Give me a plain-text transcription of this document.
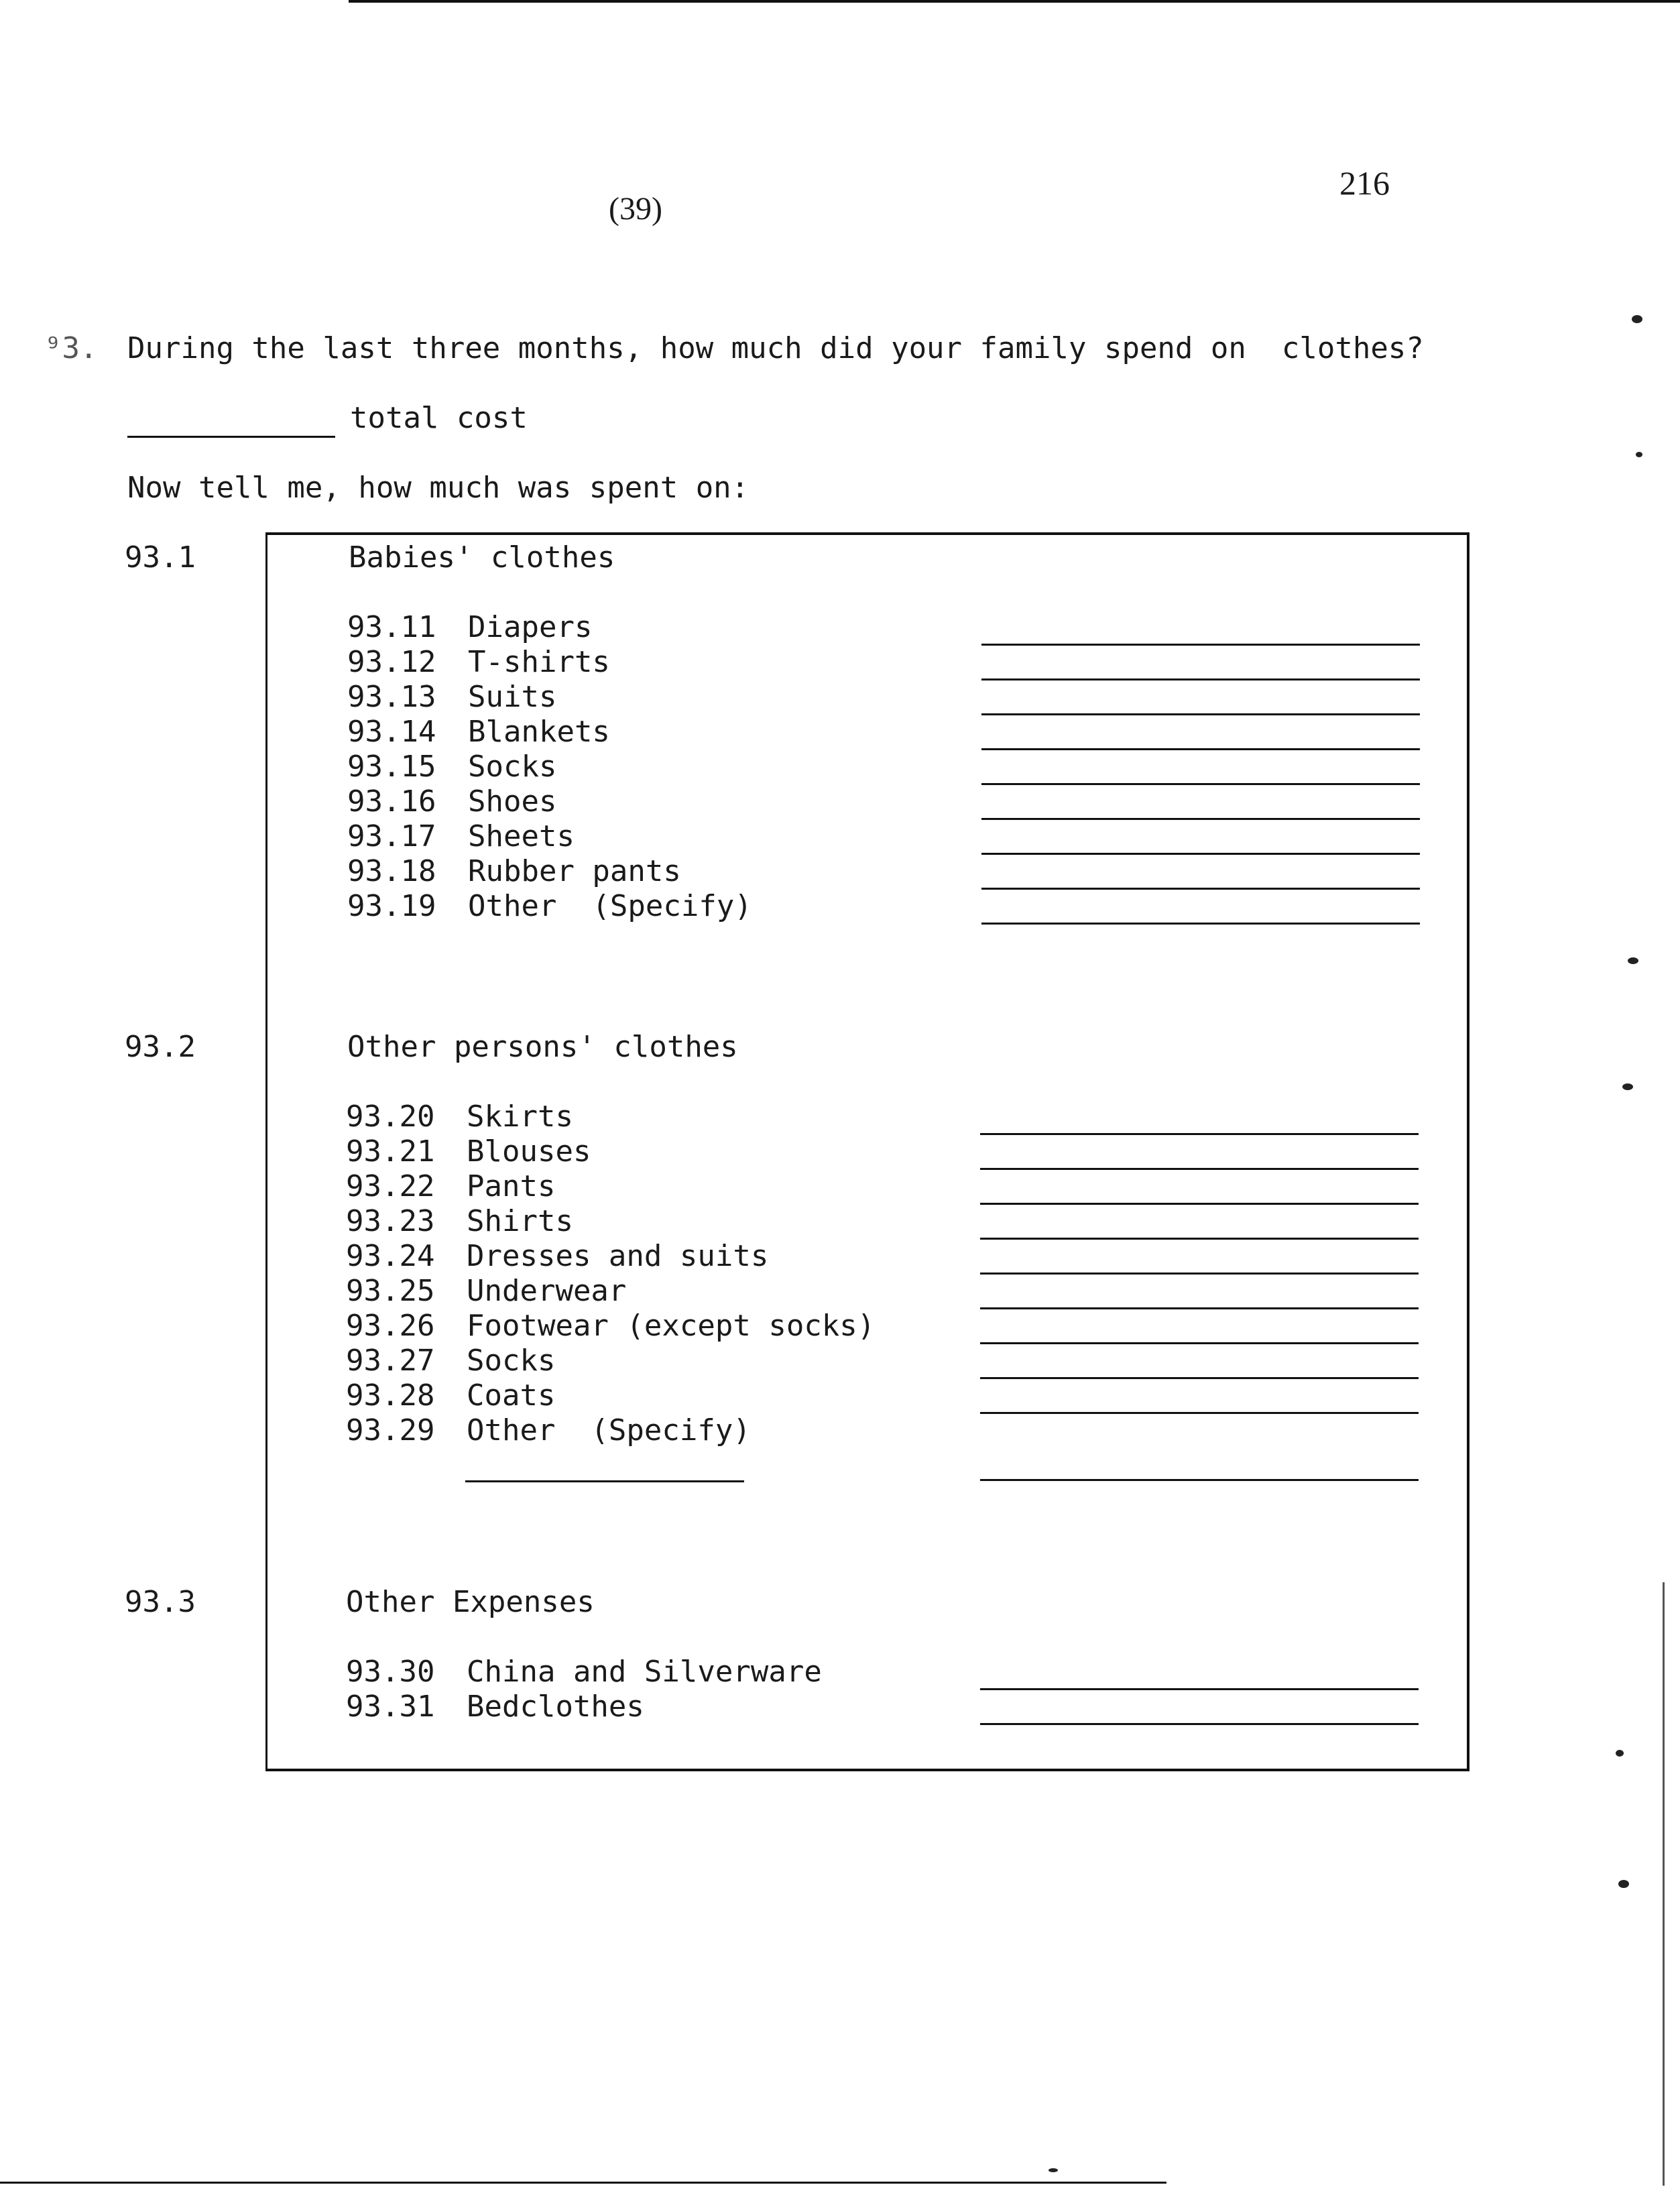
216
(39)
⁹3. During the last three months, how much did your family spend on  clothes?
total cost
Now tell me, how much was spent on:
93.1	Babies' clothes
93.11 Diapers
93.12 T-shirts
93.13 Suits
93.14 Blankets
93.15 Socks
93.16 Shoes
93.17 Sheets
93.18 Rubber pants
93.19 Other  (Specify)
93.2	Other persons' clothes
93.20 Skirts
93.21 Blouses
93.22 Pants
93.23 Shirts
93.24 Dresses and suits
93.25 Underwear
93.26 Footwear (except socks)
93.27 Socks
93.28 Coats
93.29 Other  (Specify)
93.3	Other Expenses
93.30 China and Silverware
93.31 Bedclothes
